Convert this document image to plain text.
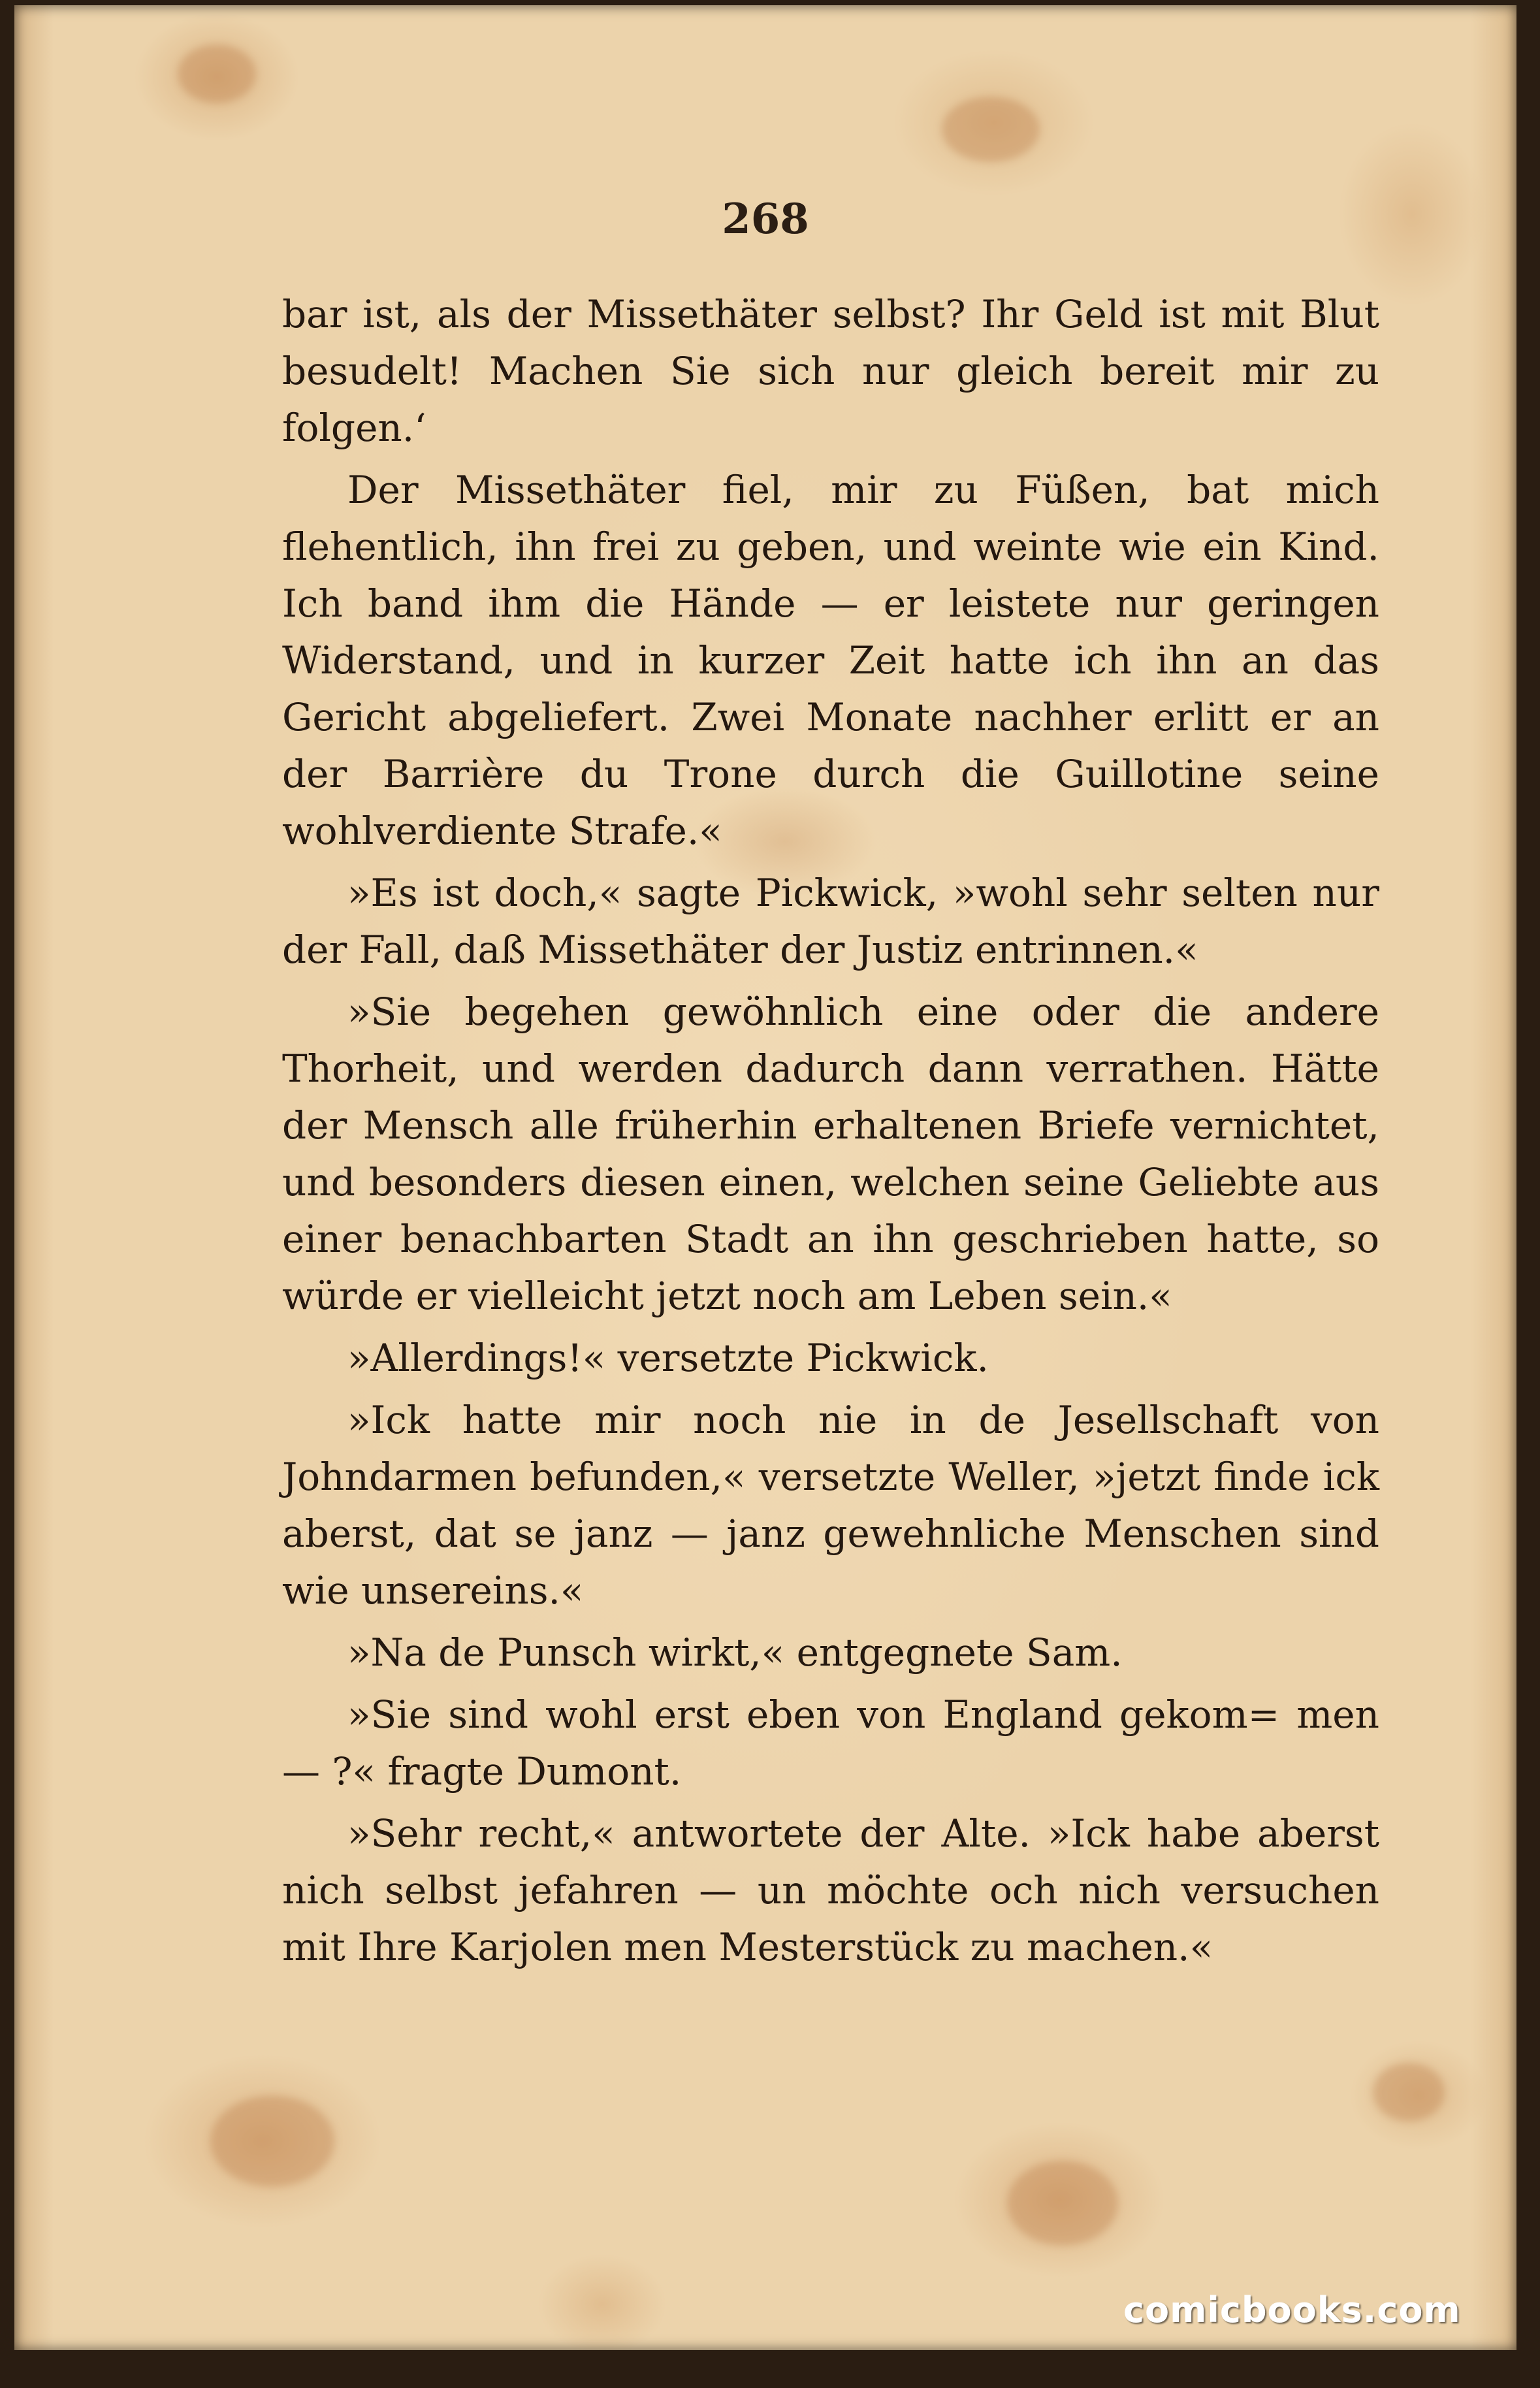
268

bar ist, als der Missethäter selbst? Ihr Geld ist mit Blut besudelt! Machen Sie sich nur gleich bereit mir zu folgen.‘

Der Missethäter fiel, mir zu Füßen, bat mich flehentlich, ihn frei zu geben, und weinte wie ein Kind. Ich band ihm die Hände — er leistete nur geringen Widerstand, und in kurzer Zeit hatte ich ihn an das Gericht abgeliefert. Zwei Monate nachher erlitt er an der Barrière du Trone durch die Guillotine seine wohlverdiente Strafe.«

»Es ist doch,« sagte Pickwick, »wohl sehr selten nur der Fall, daß Missethäter der Justiz entrinnen.«

»Sie begehen gewöhnlich eine oder die andere Thorheit, und werden dadurch dann verrathen. Hätte der Mensch alle früherhin erhaltenen Briefe vernichtet, und besonders diesen einen, welchen seine Geliebte aus einer benachbarten Stadt an ihn geschrieben hatte, so würde er vielleicht jetzt noch am Leben sein.«

»Allerdings!« versetzte Pickwick.

»Ick hatte mir noch nie in de Jesellschaft von Johndarmen befunden,« versetzte Weller, »jetzt finde ick aberst, dat se janz — janz gewehnliche Menschen sind wie unsereins.«

»Na de Punsch wirkt,« entgegnete Sam.

»Sie sind wohl erst eben von England gekom= men — ?« fragte Dumont.

»Sehr recht,« antwortete der Alte. »Ick habe aberst nich selbst jefahren — un möchte och nich versuchen mit Ihre Karjolen men Mesterstück zu machen.«

comicbooks.com
